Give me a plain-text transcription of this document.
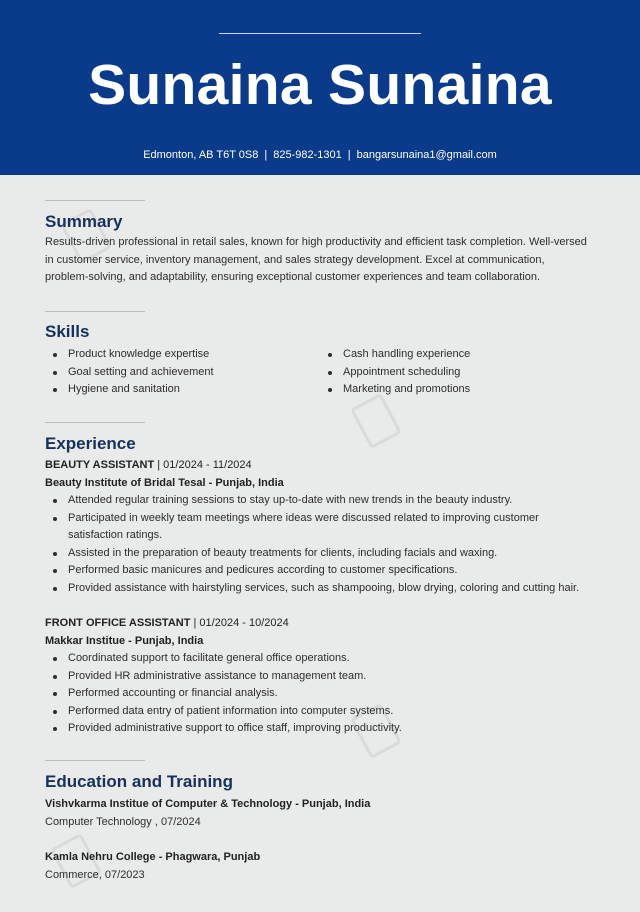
Sunaina Sunaina
Edmonton, AB T6T 0S8 | 825-982-1301 | bangarsunaina1@gmail.com
Summary
Results-driven professional in retail sales, known for high productivity and efficient task completion. Well-versed in customer service, inventory management, and sales strategy development. Excel at communication, problem-solving, and adaptability, ensuring exceptional customer experiences and team collaboration.
Skills
Product knowledge expertise
Goal setting and achievement
Hygiene and sanitation
Cash handling experience
Appointment scheduling
Marketing and promotions
Experience
BEAUTY ASSISTANT | 01/2024 - 11/2024
Beauty Institute of Bridal Tesal - Punjab, India
Attended regular training sessions to stay up-to-date with new trends in the beauty industry.
Participated in weekly team meetings where ideas were discussed related to improving customer satisfaction ratings.
Assisted in the preparation of beauty treatments for clients, including facials and waxing.
Performed basic manicures and pedicures according to customer specifications.
Provided assistance with hairstyling services, such as shampooing, blow drying, coloring and cutting hair.
FRONT OFFICE ASSISTANT | 01/2024 - 10/2024
Makkar Institue - Punjab, India
Coordinated support to facilitate general office operations.
Provided HR administrative assistance to management team.
Performed accounting or financial analysis.
Performed data entry of patient information into computer systems.
Provided administrative support to office staff, improving productivity.
Education and Training
Vishvkarma Institue of Computer & Technology - Punjab, India
Computer Technology , 07/2024
Kamla Nehru College - Phagwara, Punjab
Commerce, 07/2023
